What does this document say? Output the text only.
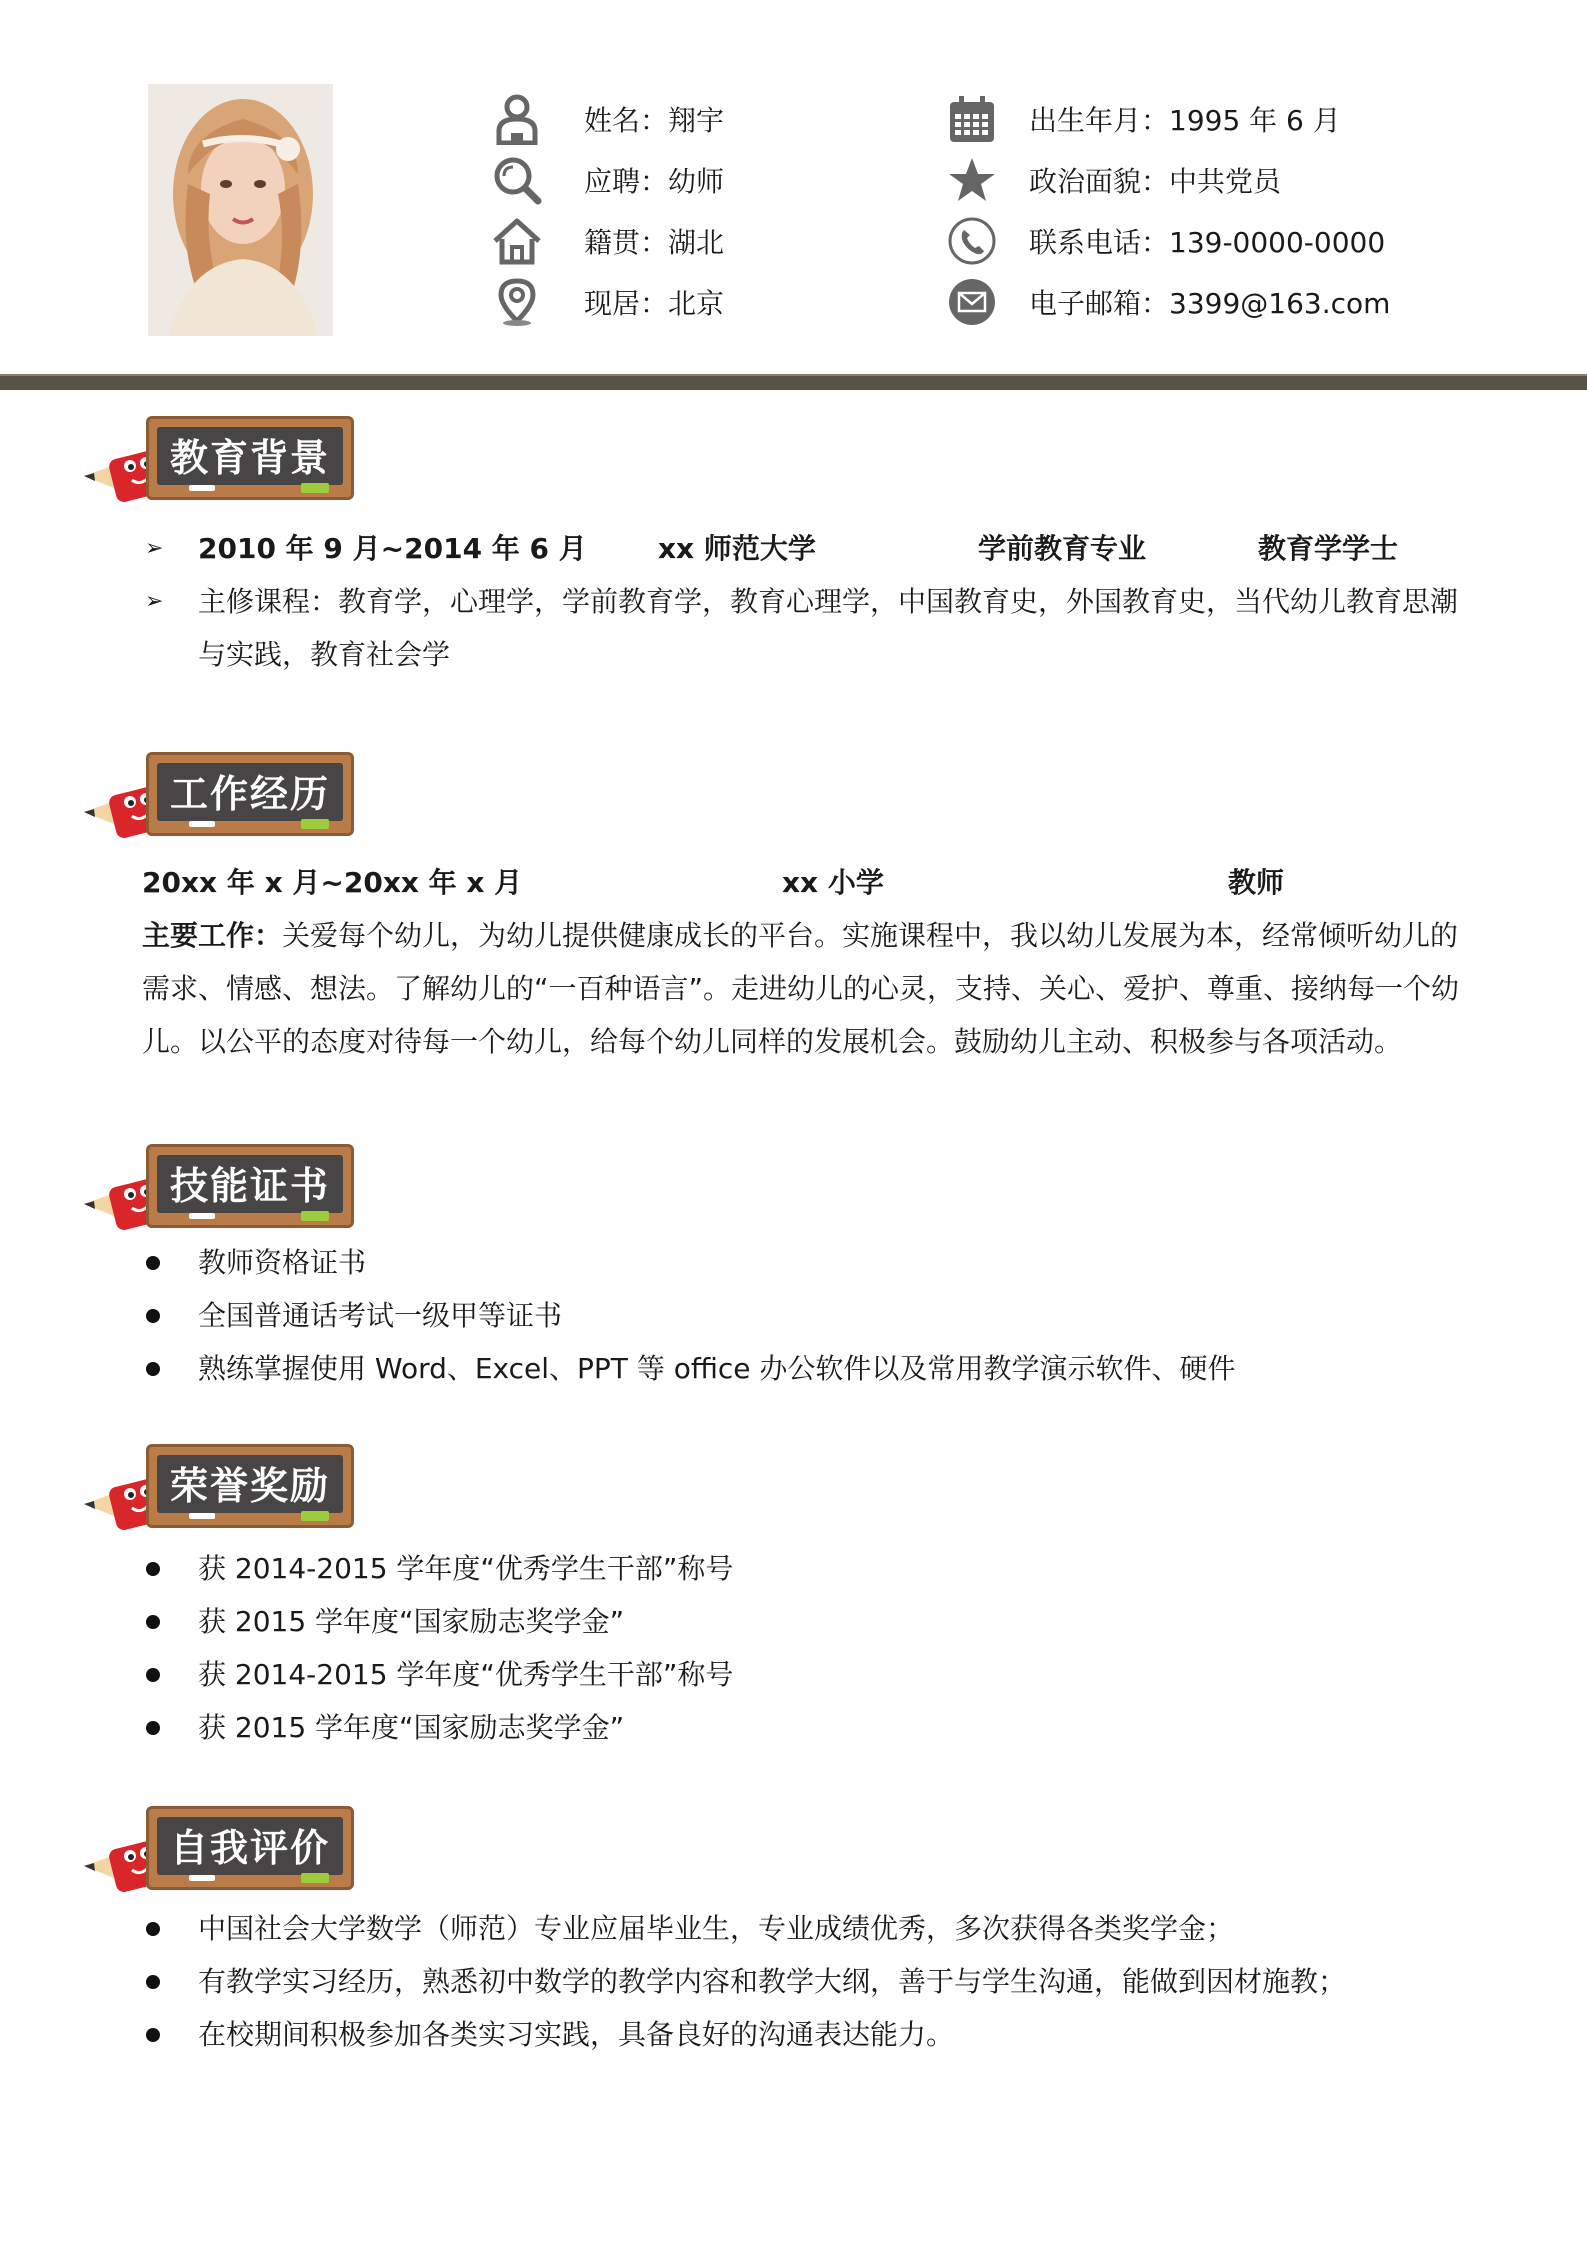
姓名：翔宇
应聘：幼师
籍贯：湖北
现居：北京
出生年月：1995 年 6 月
政治面貌：中共党员
联系电话：139-0000-0000
电子邮箱：3399@163.com
教育背景
➢ 2010 年 9 月~2014 年 6 月	xx 师范大学	学前教育专业	教育学学士
➢ 主修课程：教育学，心理学，学前教育学，教育心理学，中国教育史，外国教育史，当代幼儿教育思潮
与实践，教育社会学
工作经历
20xx 年 x 月~20xx 年 x 月	xx 小学	教师
主要工作：关爱每个幼儿，为幼儿提供健康成长的平台。实施课程中，我以幼儿发展为本，经常倾听幼儿的
需求、情感、想法。了解幼儿的“一百种语言”。走进幼儿的心灵，支持、关心、爱护、尊重、接纳每一个幼
儿。以公平的态度对待每一个幼儿，给每个幼儿同样的发展机会。鼓励幼儿主动、积极参与各项活动。
技能证书
教师资格证书
全国普通话考试一级甲等证书
熟练掌握使用 Word、Excel、PPT 等 office 办公软件以及常用教学演示软件、硬件
荣誉奖励
获 2014-2015 学年度“优秀学生干部”称号
获 2015 学年度“国家励志奖学金”
获 2014-2015 学年度“优秀学生干部”称号
获 2015 学年度“国家励志奖学金”
自我评价
中国社会大学数学（师范）专业应届毕业生，专业成绩优秀，多次获得各类奖学金；
有教学实习经历，熟悉初中数学的教学内容和教学大纲，善于与学生沟通，能做到因材施教；
在校期间积极参加各类实习实践，具备良好的沟通表达能力。
